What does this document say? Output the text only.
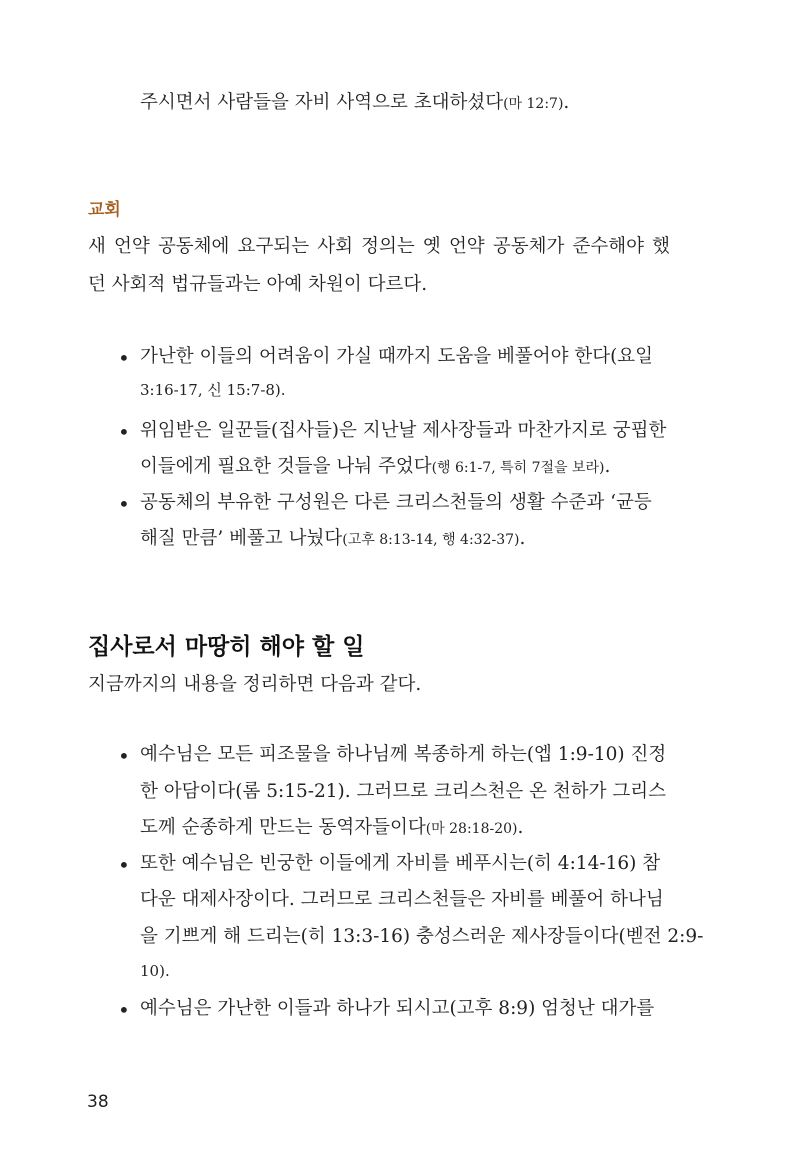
주시면서 사람들을 자비 사역으로 초대하셨다(마 12:7).
교회
새 언약 공동체에 요구되는 사회 정의는 옛 언약 공동체가 준수해야 했
던 사회적 법규들과는 아예 차원이 다르다.
• 가난한 이들의 어려움이 가실 때까지 도움을 베풀어야 한다(요일
3:16-17, 신 15:7-8).
• 위임받은 일꾼들(집사들)은 지난날 제사장들과 마찬가지로 궁핍한
이들에게 필요한 것들을 나눠 주었다(행 6:1-7, 특히 7절을 보라).
• 공동체의 부유한 구성원은 다른 크리스천들의 생활 수준과 ‘균등
해질 만큼’ 베풀고 나눴다(고후 8:13-14, 행 4:32-37).
집사로서 마땅히 해야 할 일
지금까지의 내용을 정리하면 다음과 같다.
• 예수님은 모든 피조물을 하나님께 복종하게 하는(엡 1:9-10) 진정
한 아담이다(롬 5:15-21). 그러므로 크리스천은 온 천하가 그리스
도께 순종하게 만드는 동역자들이다(마 28:18-20).
• 또한 예수님은 빈궁한 이들에게 자비를 베푸시는(히 4:14-16) 참
다운 대제사장이다. 그러므로 크리스천들은 자비를 베풀어 하나님
을 기쁘게 해 드리는(히 13:3-16) 충성스러운 제사장들이다(벧전 2:9-
10).
• 예수님은 가난한 이들과 하나가 되시고(고후 8:9) 엄청난 대가를
38
